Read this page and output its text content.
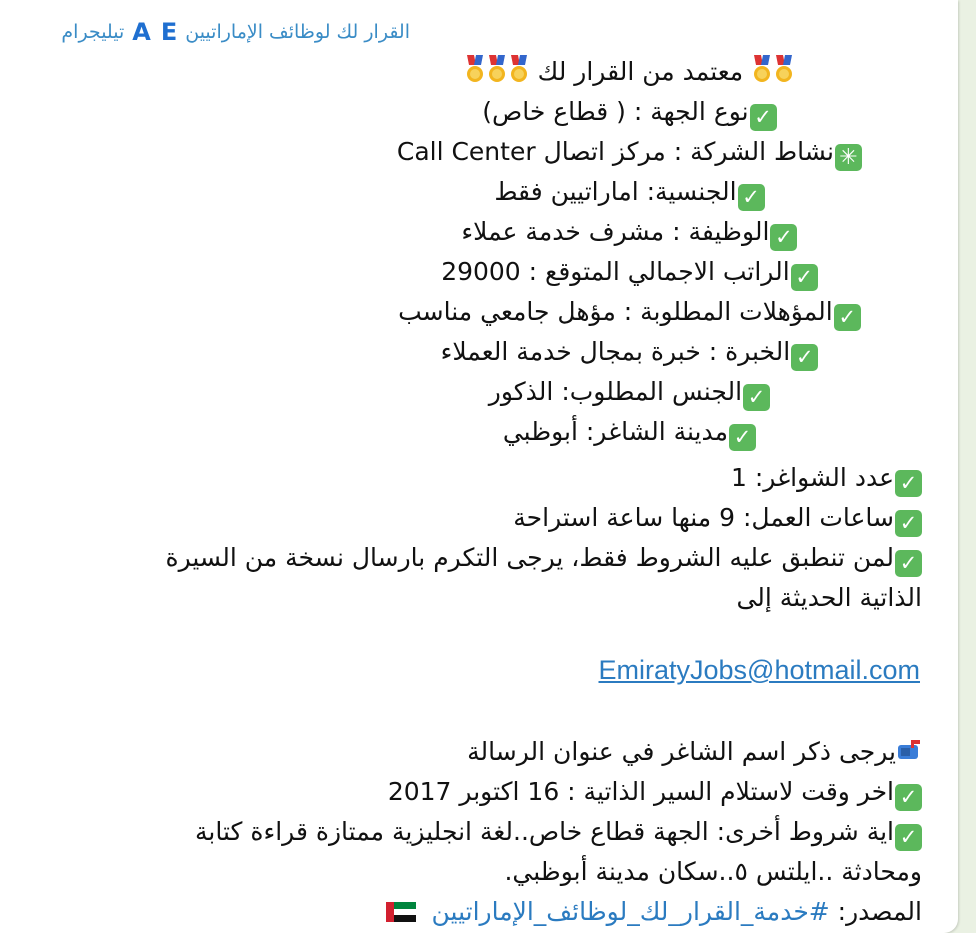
القرار لك لوظائف الإماراتيين
E
A
تيليجرام
معتمد من القرار لك
✓نوع الجهة : ( قطاع خاص)
✳نشاط الشركة : مركز اتصال Call Center
✓الجنسية: اماراتيين فقط
✓الوظيفة : مشرف خدمة عملاء
✓الراتب الاجمالي المتوقع : 29000
✓المؤهلات المطلوبة : مؤهل جامعي مناسب
✓الخبرة : خبرة بمجال خدمة العملاء
✓الجنس المطلوب: الذكور
✓مدينة الشاغر: أبوظبي
✓عدد الشواغر: 1
✓ساعات العمل: 9 منها ساعة استراحة
✓لمن تنطبق عليه الشروط فقط، يرجى التكرم بارسال نسخة من السيرة
الذاتية الحديثة إلى
EmiratyJobs@hotmail.com
يرجى ذكر اسم الشاغر في عنوان الرسالة
✓اخر وقت لاستلام السير الذاتية : 16 اكتوبر 2017
✓اية شروط أخرى: الجهة قطاع خاص..لغة انجليزية ممتازة قراءة كتابة
ومحادثة ..ايلتس ٥..سكان مدينة أبوظبي.
المصدر: #خدمة_القرار_لك_لوظائف_الإماراتيين
